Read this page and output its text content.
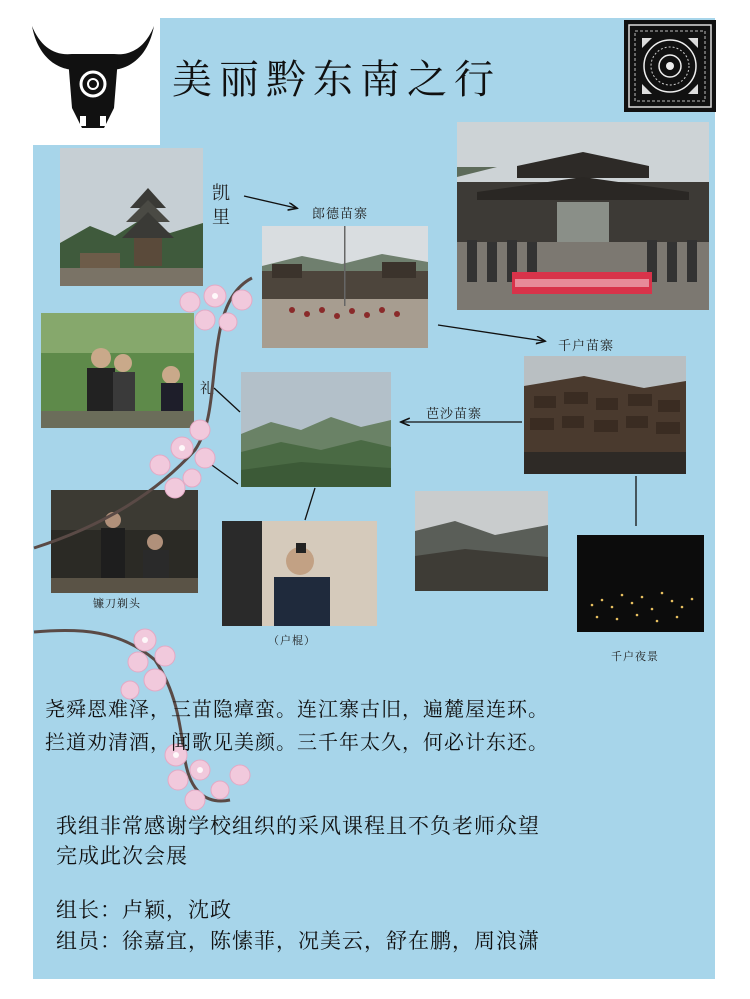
美丽黔东南之行
凯里	郎德苗寨
千户苗寨
礼
芭沙苗寨
镰刀剃头
（户棍）
千户夜景
尧舜恩难泽，三苗隐瘴蛮。连江寨古旧，遍麓屋连环。
拦道劝清酒，闻歌见美颜。三千年太久，何必计东还。
我组非常感谢学校组织的采风课程且不负老师众望
完成此次会展
组长：卢颖，沈政
组员：徐嘉宜，陈愫菲，况美云，舒在鹏，周浪潇
